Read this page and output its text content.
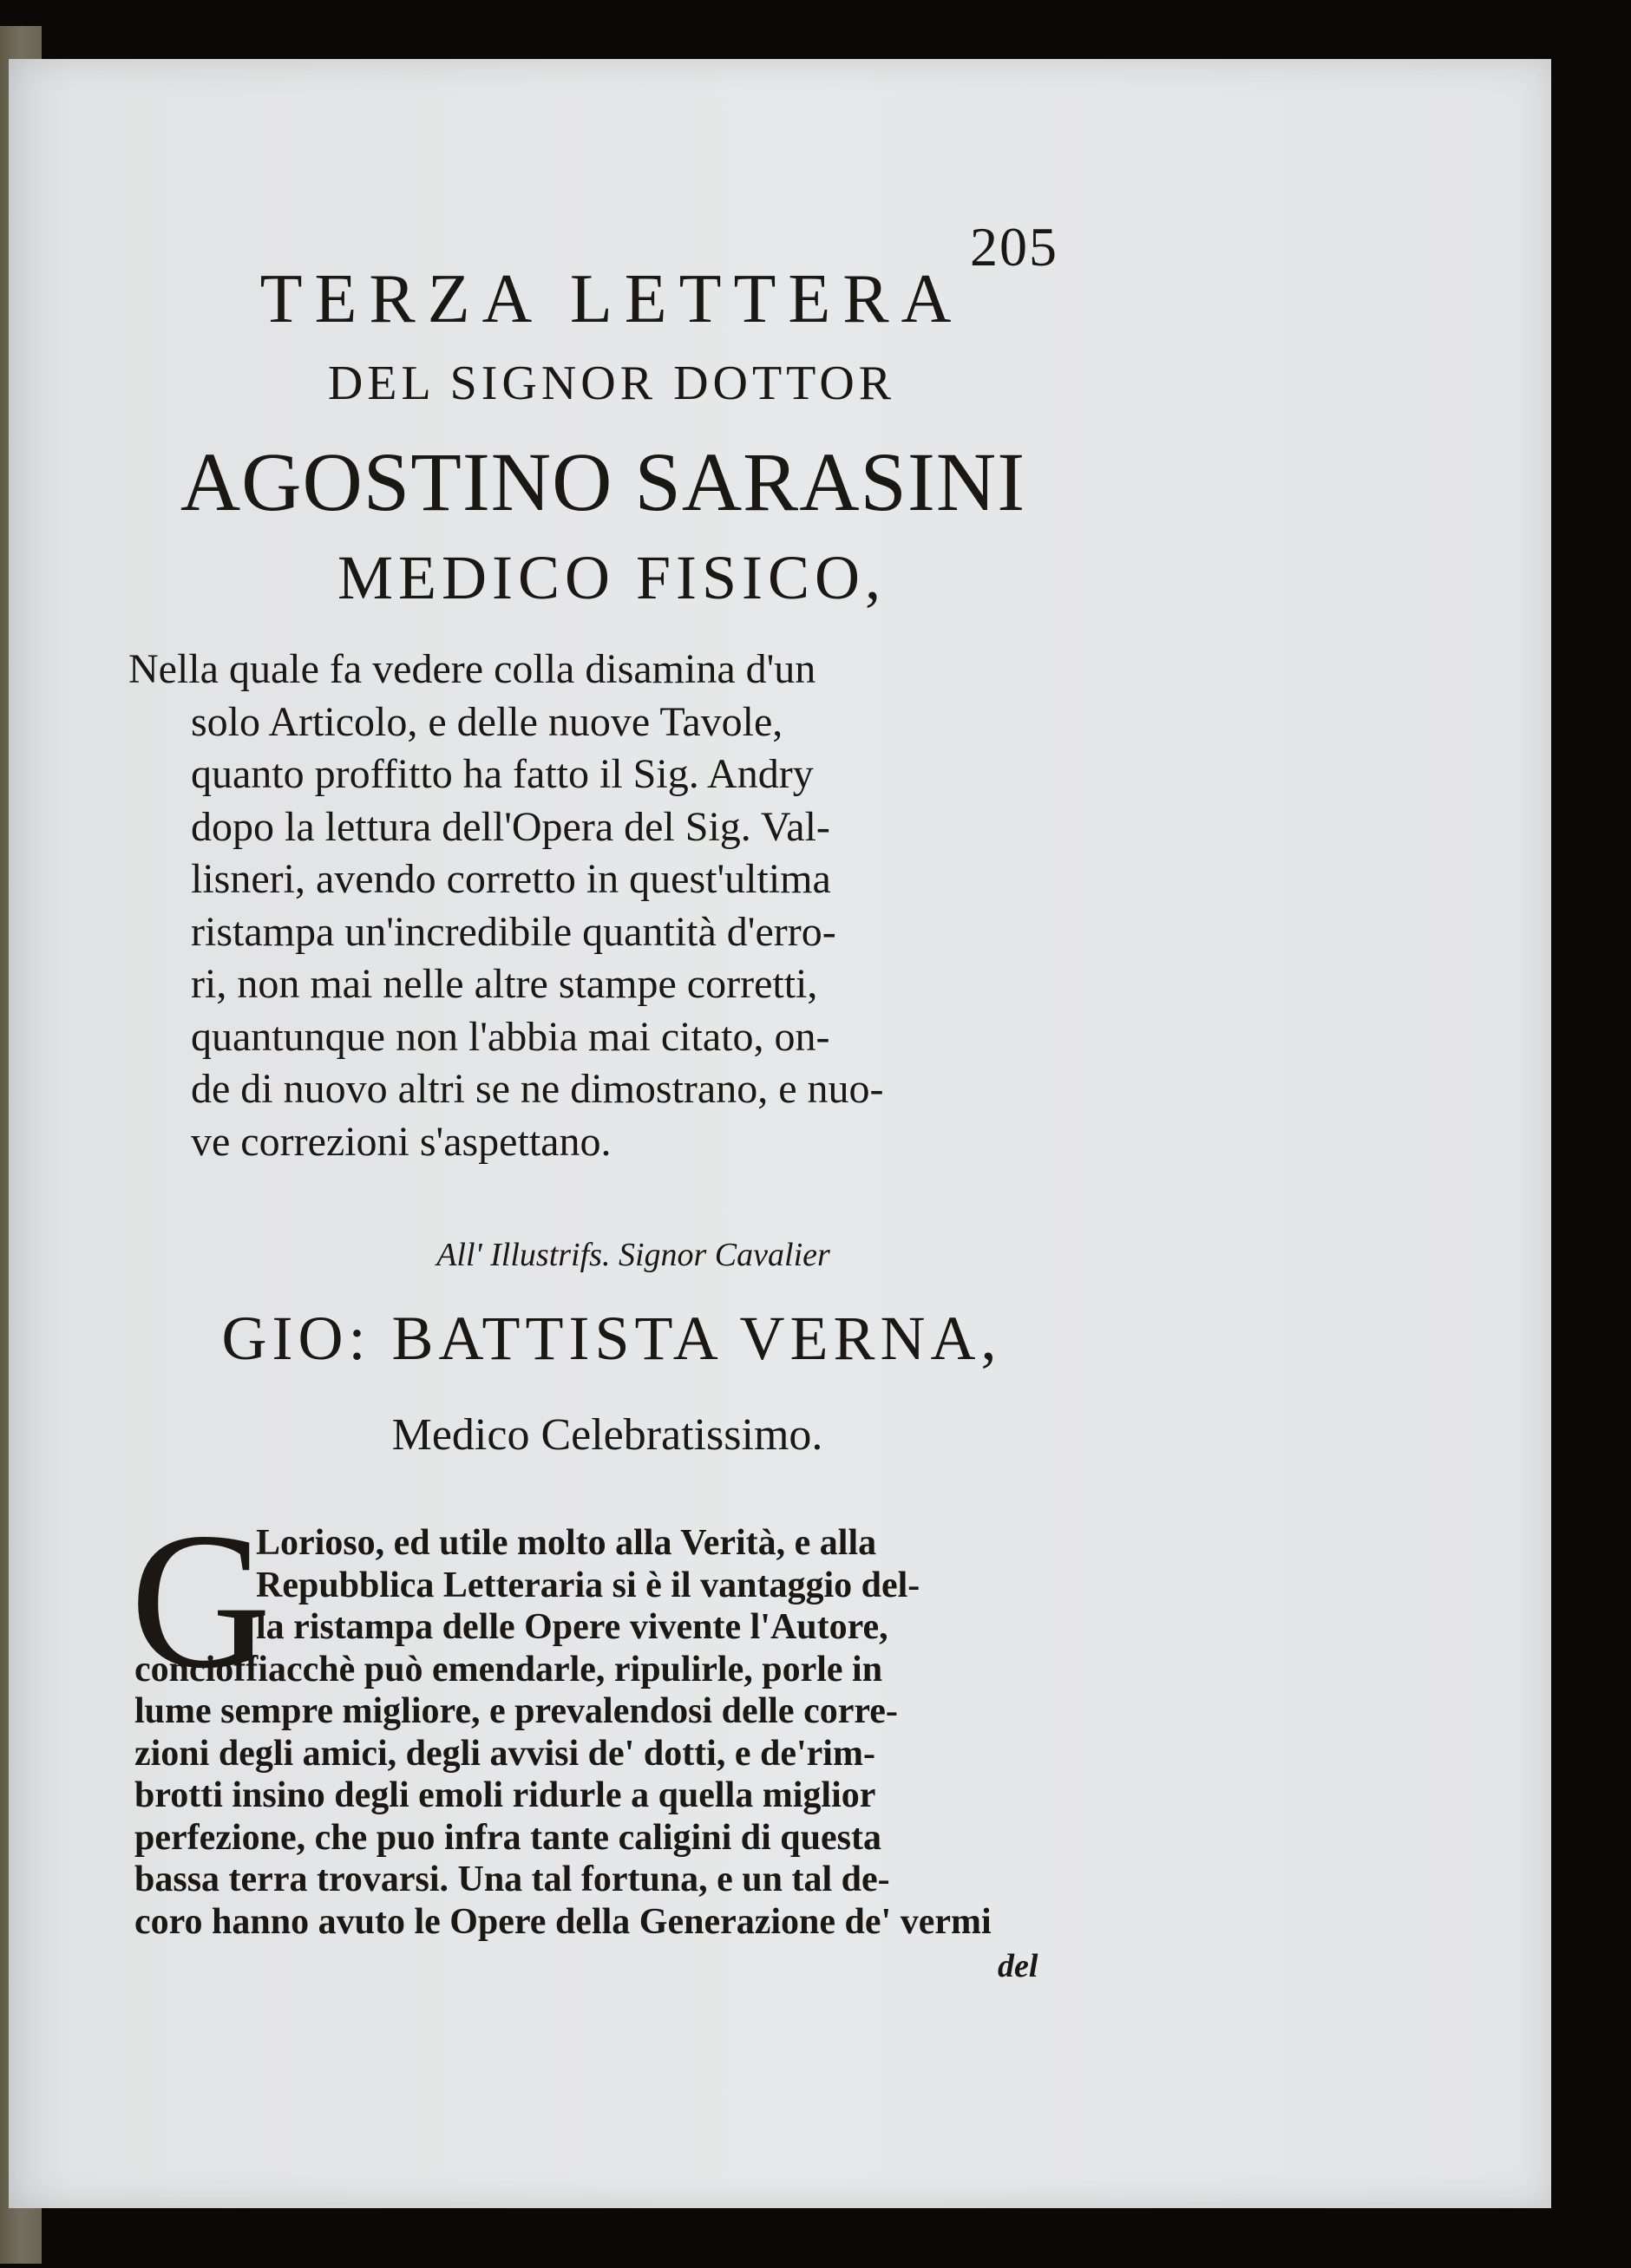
205
TERZA LETTERA
DEL SIGNOR DOTTOR
AGOSTINO SARASINI
MEDICO FISICO,
Nella quale fa vedere colla disamina d'un
solo Articolo, e delle nuove Tavole,
quanto proffitto ha fatto il Sig. Andry
dopo la lettura dell'Opera del Sig. Val-
lisneri, avendo corretto in quest'ultima
ristampa un'incredibile quantità d'erro-
ri, non mai nelle altre stampe corretti,
quantunque non l'abbia mai citato, on-
de di nuovo altri se ne dimostrano, e nuo-
ve correzioni s'aspettano.
All' Illustrifs. Signor Cavalier
GIO: BATTISTA VERNA,
Medico Celebratissimo.
G
Lorioso, ed utile molto alla Verità, e alla
Repubblica Letteraria si è il vantaggio del-
la ristampa delle Opere vivente l'Autore,
concioffiacchè può emendarle, ripulirle, porle in
lume sempre migliore, e prevalendosi delle corre-
zioni degli amici, degli avvisi de' dotti, e de'rim-
brotti insino degli emoli ridurle a quella miglior
perfezione, che puo infra tante caligini di questa
bassa terra trovarsi. Una tal fortuna, e un tal de-
coro hanno avuto le Opere della Generazione de' vermi
del
